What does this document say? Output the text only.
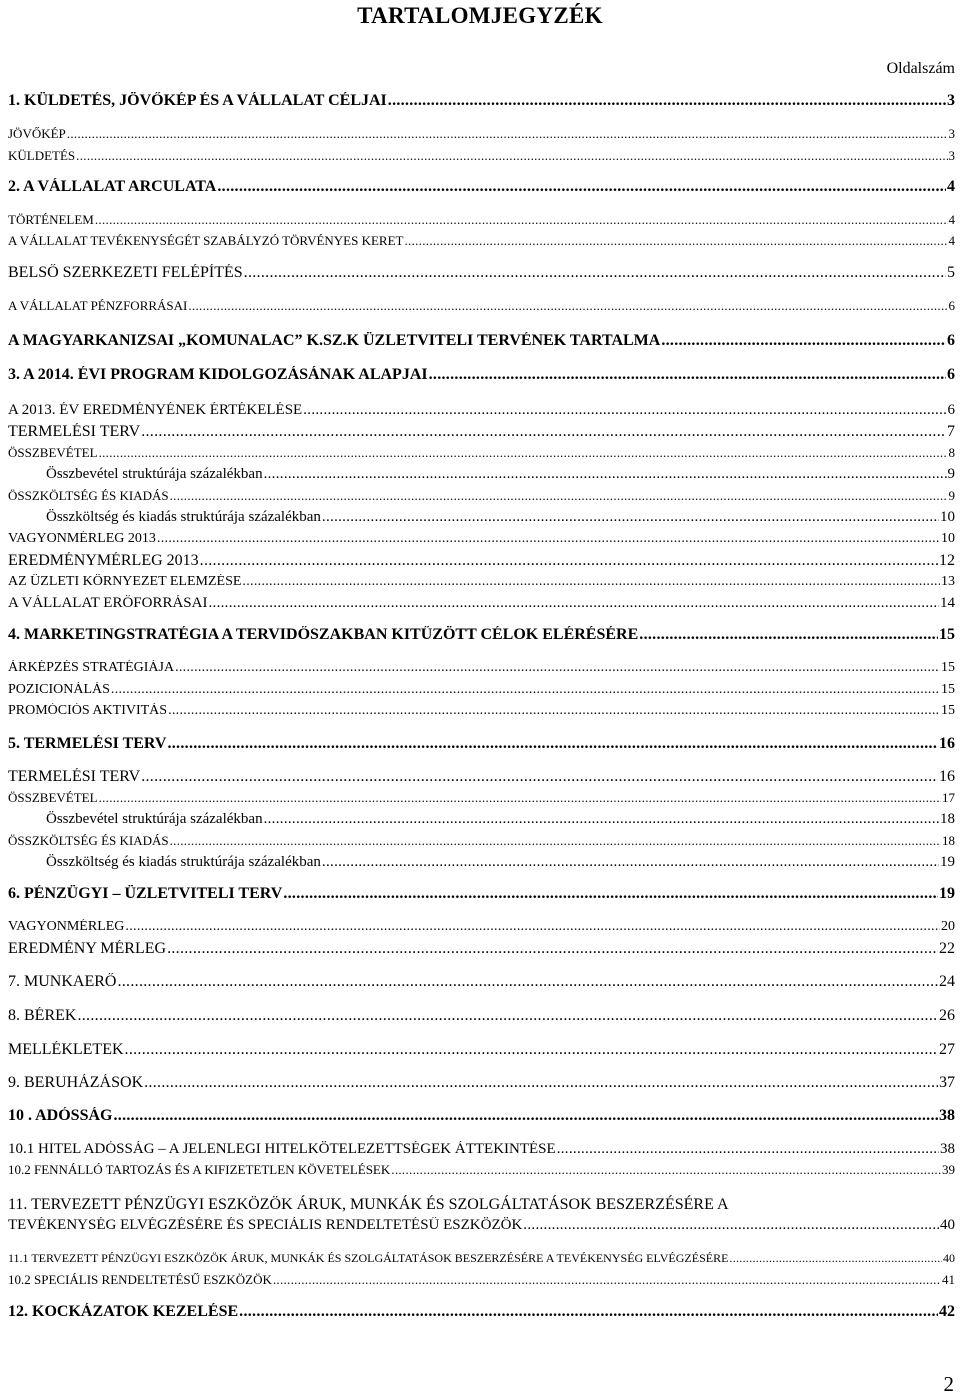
TARTALOMJEGYZÉK
Oldalszám
1. KÜLDETÉS, JÖVŐKÉP ÉS A VÁLLALAT CÉLJAI .....	3
JÖVŐKÉP .....	3
KÜLDETÉS .....	3
2. A VÁLLALAT ARCULATA .....	4
TÖRTÉNELEM .....	4
A VÁLLALAT TEVÉKENYSÉGÉT SZABÁLYZÓ TÖRVÉNYES KERET .....	4
BELSŐ SZERKEZETI FELÉPÍTÉS .....	5
A VÁLLALAT PÉNZFORRÁSAI .....	6
A MAGYARKANIZSAI „KOMUNALAC” K.SZ.K ÜZLETVITELI TERVÉNEK TARTALMA .....	6
3. A 2014. ÉVI PROGRAM KIDOLGOZÁSÁNAK ALAPJAI .....	6
A 2013. ÉV EREDMÉNYÉNEK ÉRTÉKELÉSE .....	6
TERMELÉSI TERV .....	7
ÖSSZBEVÉTEL .....	8
Összbevétel struktúrája százalékban .....	9
ÖSSZKÖLTSÉG ÉS KIADÁS .....	9
Összköltség és kiadás struktúrája százalékban .....	10
VAGYONMÉRLEG 2013 .....	10
EREDMÉNYMÉRLEG 2013 .....	12
AZ ÜZLETI KÖRNYEZET ELEMZÉSE .....	13
A VÁLLALAT ERŐFORRÁSAI .....	14
4. MARKETINGSTRATÉGIA A TERVIDŐSZAKBAN KITŰZÖTT CÉLOK ELÉRÉSÉRE .....	15
ÁRKÉPZÉS STRATÉGIÁJA .....	15
POZICIONÁLÁS .....	15
PROMÓCIÓS AKTIVITÁS .....	15
5. TERMELÉSI TERV .....	16
TERMELÉSI TERV .....	16
ÖSSZBEVÉTEL .....	17
Összbevétel struktúrája százalékban .....	18
ÖSSZKÖLTSÉG ÉS KIADÁS .....	18
Összköltség és kiadás struktúrája százalékban .....	19
6. PÉNZÜGYI – ÜZLETVITELI TERV .....	19
VAGYONMÉRLEG .....	20
EREDMÉNY MÉRLEG .....	22
7. MUNKAERŐ .....	24
8. BÉREK .....	26
MELLÉKLETEK .....	27
9. BERUHÁZÁSOK .....	37
10 . ADÓSSÁG .....	38
10.1 HITEL ADÓSSÁG – A JELENLEGI HITELKÖTELEZETTSÉGEK ÁTTEKINTÉSE .....	38
10.2 FENNÁLLÓ TARTOZÁS ÉS A KIFIZETETLEN KÖVETELÉSEK .....	39
11. TERVEZETT PÉNZÜGYI ESZKÖZÖK ÁRUK, MUNKÁK ÉS SZOLGÁLTATÁSOK BESZERZÉSÉRE A
TEVÉKENYSÉG ELVÉGZÉSÉRE ÉS SPECIÁLIS RENDELTETÉSŰ ESZKÖZÖK .....	40
11.1 TERVEZETT PÉNZÜGYI ESZKÖZÖK ÁRUK, MUNKÁK ÉS SZOLGÁLTATÁSOK BESZERZÉSÉRE A TEVÉKENYSÉG ELVÉGZÉSÉRE .....	40
10.2 SPECIÁLIS RENDELTETÉSŰ ESZKÖZÖK .....	41
12. KOCKÁZATOK KEZELÉSE .....	42
2
